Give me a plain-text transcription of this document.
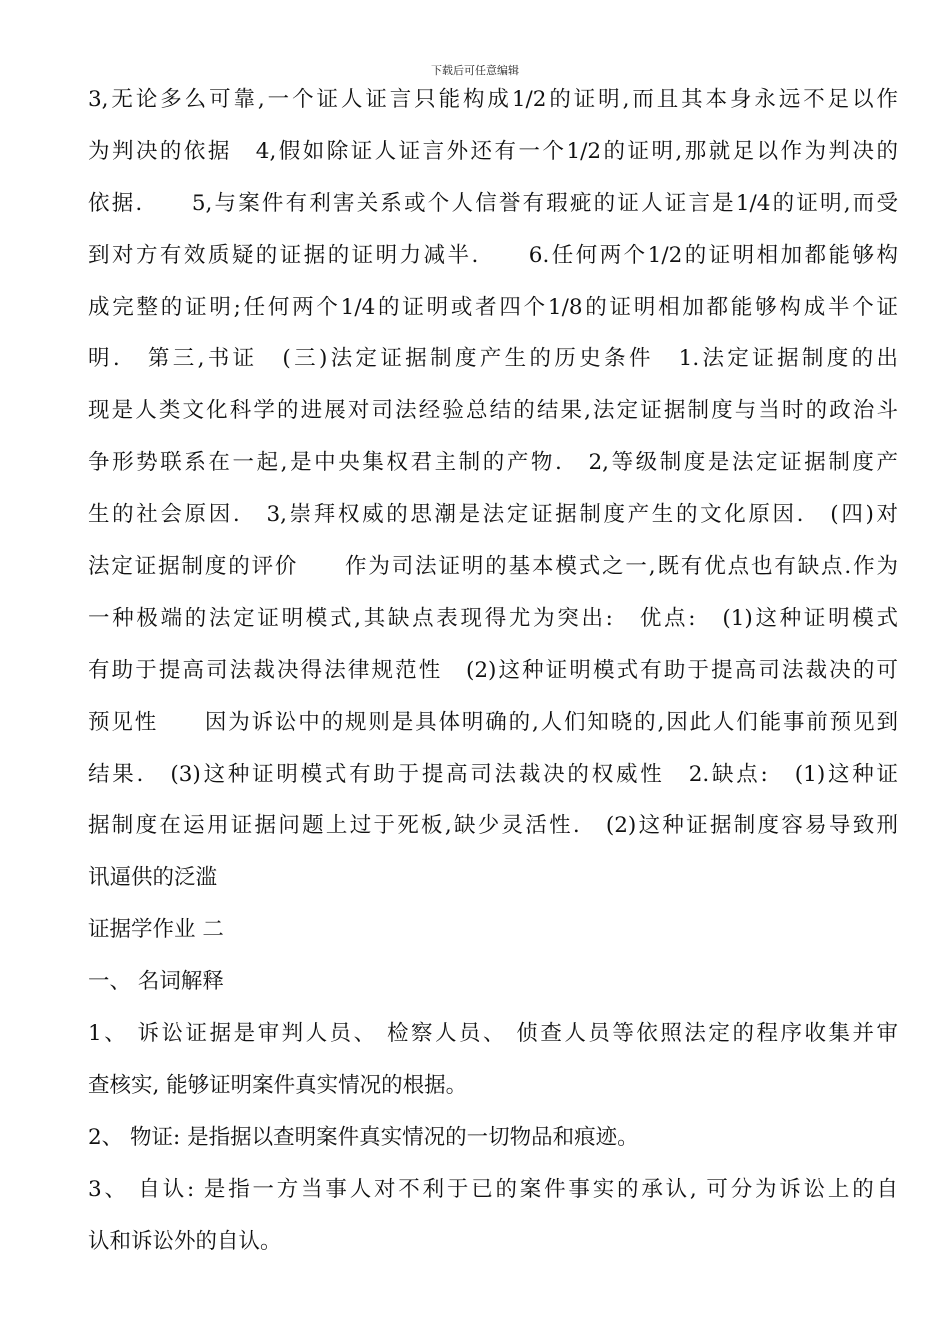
下载后可任意编辑
3,无论多么可靠,一个证人证言只能构成1/2的证明,而且其本身永远不足以作
为判决的依据　4,假如除证人证言外还有一个1/2的证明,那就足以作为判决的
依据.　　5,与案件有利害关系或个人信誉有瑕疵的证人证言是1/4的证明,而受
到对方有效质疑的证据的证明力减半.　　6.任何两个1/2的证明相加都能够构
成完整的证明;任何两个1/4的证明或者四个1/8的证明相加都能够构成半个证
明.　第三,书证　(三)法定证据制度产生的历史条件　1.法定证据制度的出
现是人类文化科学的进展对司法经验总结的结果,法定证据制度与当时的政治斗
争形势联系在一起,是中央集权君主制的产物.　2,等级制度是法定证据制度产
生的社会原因.　3,崇拜权威的思潮是法定证据制度产生的文化原因.　(四)对
法定证据制度的评价　　作为司法证明的基本模式之一,既有优点也有缺点.作为
一种极端的法定证明模式,其缺点表现得尤为突出:　优点:　(1)这种证明模式
有助于提高司法裁决得法律规范性　(2)这种证明模式有助于提高司法裁决的可
预见性　　因为诉讼中的规则是具体明确的,人们知晓的,因此人们能事前预见到
结果.　(3)这种证明模式有助于提高司法裁决的权威性　2.缺点:　(1)这种证
据制度在运用证据问题上过于死板,缺少灵活性.　(2)这种证据制度容易导致刑
讯逼供的泛滥
证据学作业 二
一、 名词解释
1、 诉讼证据是审判人员、 检察人员、 侦查人员等依照法定的程序收集并审
查核实, 能够证明案件真实情况的根据。
2、 物证: 是指据以查明案件真实情况的一切物品和痕迹。
3、 自认: 是指一方当事人对不利于已的案件事实的承认, 可分为诉讼上的自
认和诉讼外的自认。
